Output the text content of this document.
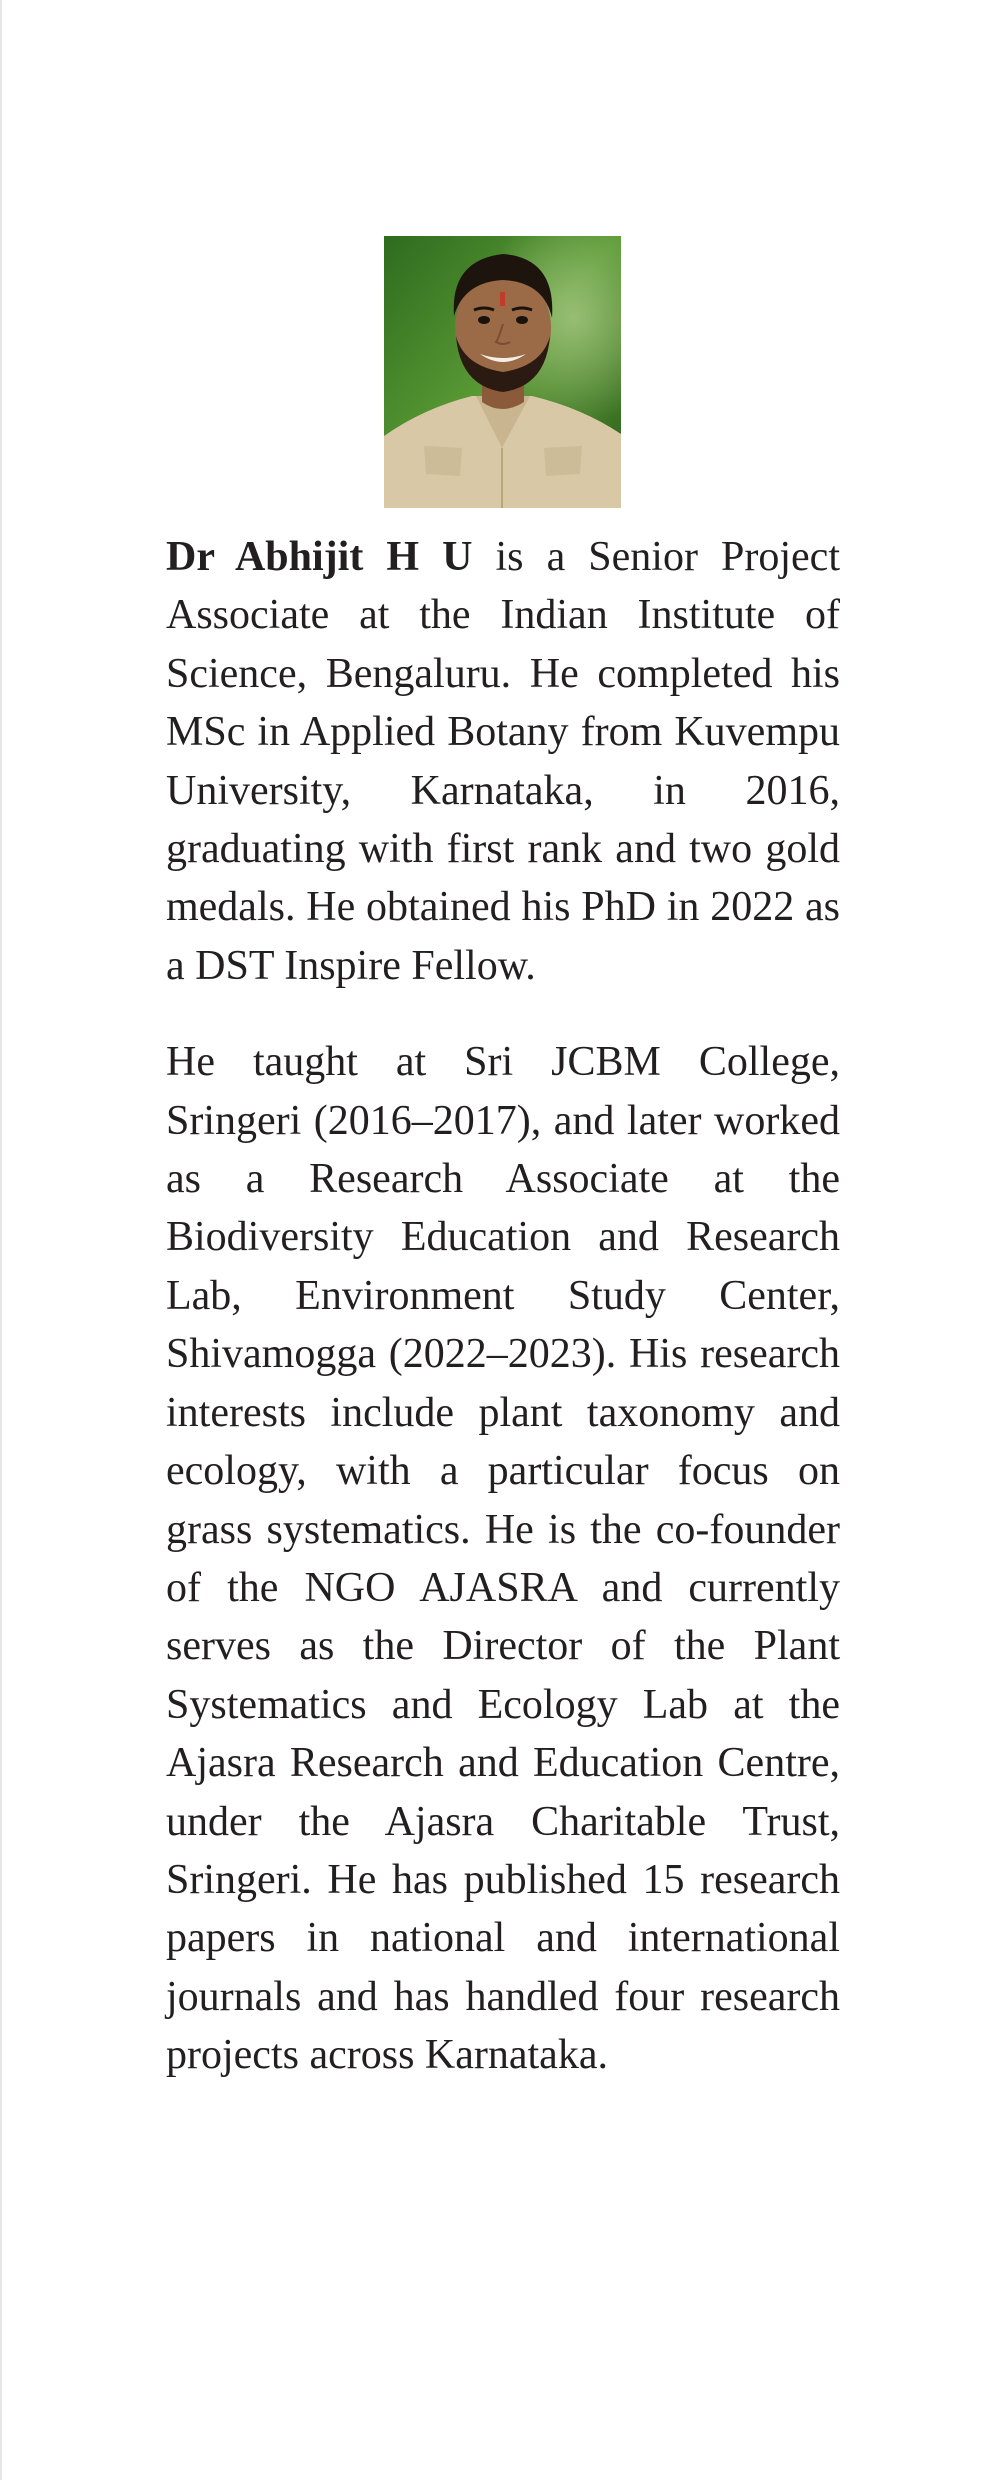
Dr Abhijit H U is a Senior Project Associate at the Indian Institute of Science, Bengaluru. He completed his MSc in Applied Botany from Kuvempu University, Karnataka, in 2016, graduating with first rank and two gold medals. He obtained his PhD in 2022 as a DST Inspire Fellow.

He taught at Sri JCBM College, Sringeri (2016–2017), and later worked as a Research Associate at the Biodiversity Education and Research Lab, Environment Study Center, Shivamogga (2022–2023). His research interests include plant taxonomy and ecology, with a particular focus on grass systematics. He is the co-founder of the NGO AJASRA and currently serves as the Director of the Plant Systematics and Ecology Lab at the Ajasra Research and Education Centre, under the Ajasra Charitable Trust, Sringeri. He has published 15 research papers in national and international journals and has handled four research projects across Karnataka.
